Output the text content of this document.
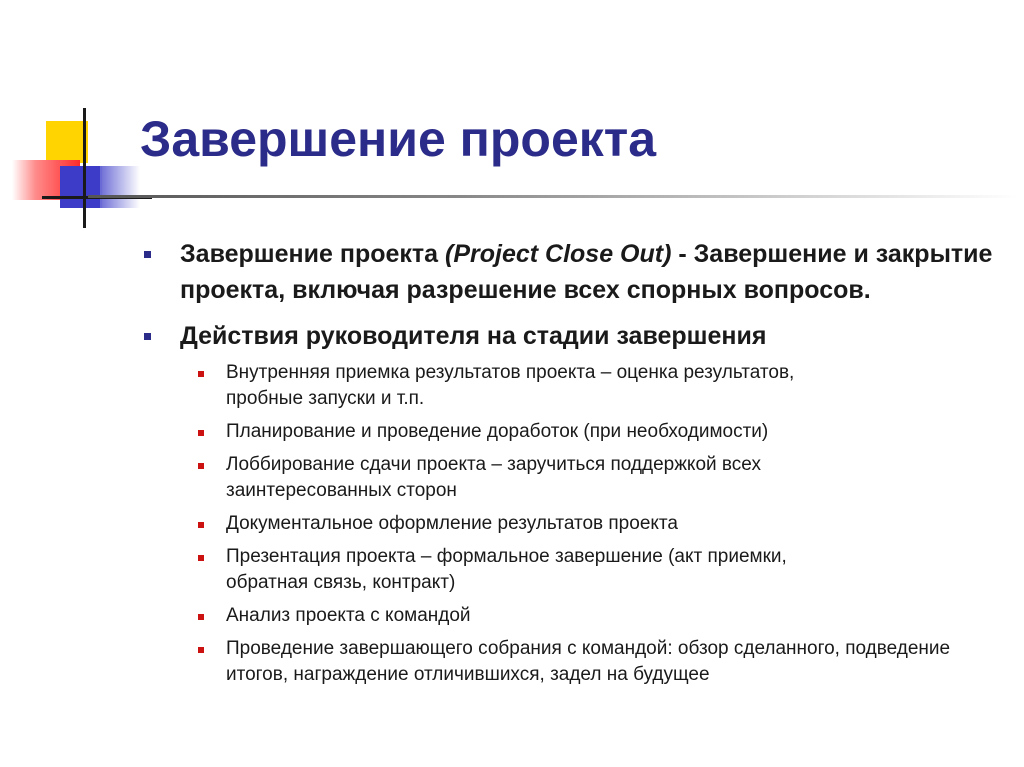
Завершение проекта
Завершение проекта (Project Close Out) - Завершение и закрытие проекта, включая разрешение всех спорных вопросов.
Действия руководителя на стадии завершения
Внутренняя приемка результатов проекта – оценка результатов, пробные запуски и т.п.
Планирование и проведение доработок (при необходимости)
Лоббирование сдачи проекта – заручиться поддержкой всех заинтересованных сторон
Документальное оформление результатов проекта
Презентация проекта – формальное завершение (акт приемки, обратная связь, контракт)
Анализ проекта с командой
Проведение завершающего собрания с командой: обзор сделанного, подведение итогов, награждение отличившихся, задел на будущее
